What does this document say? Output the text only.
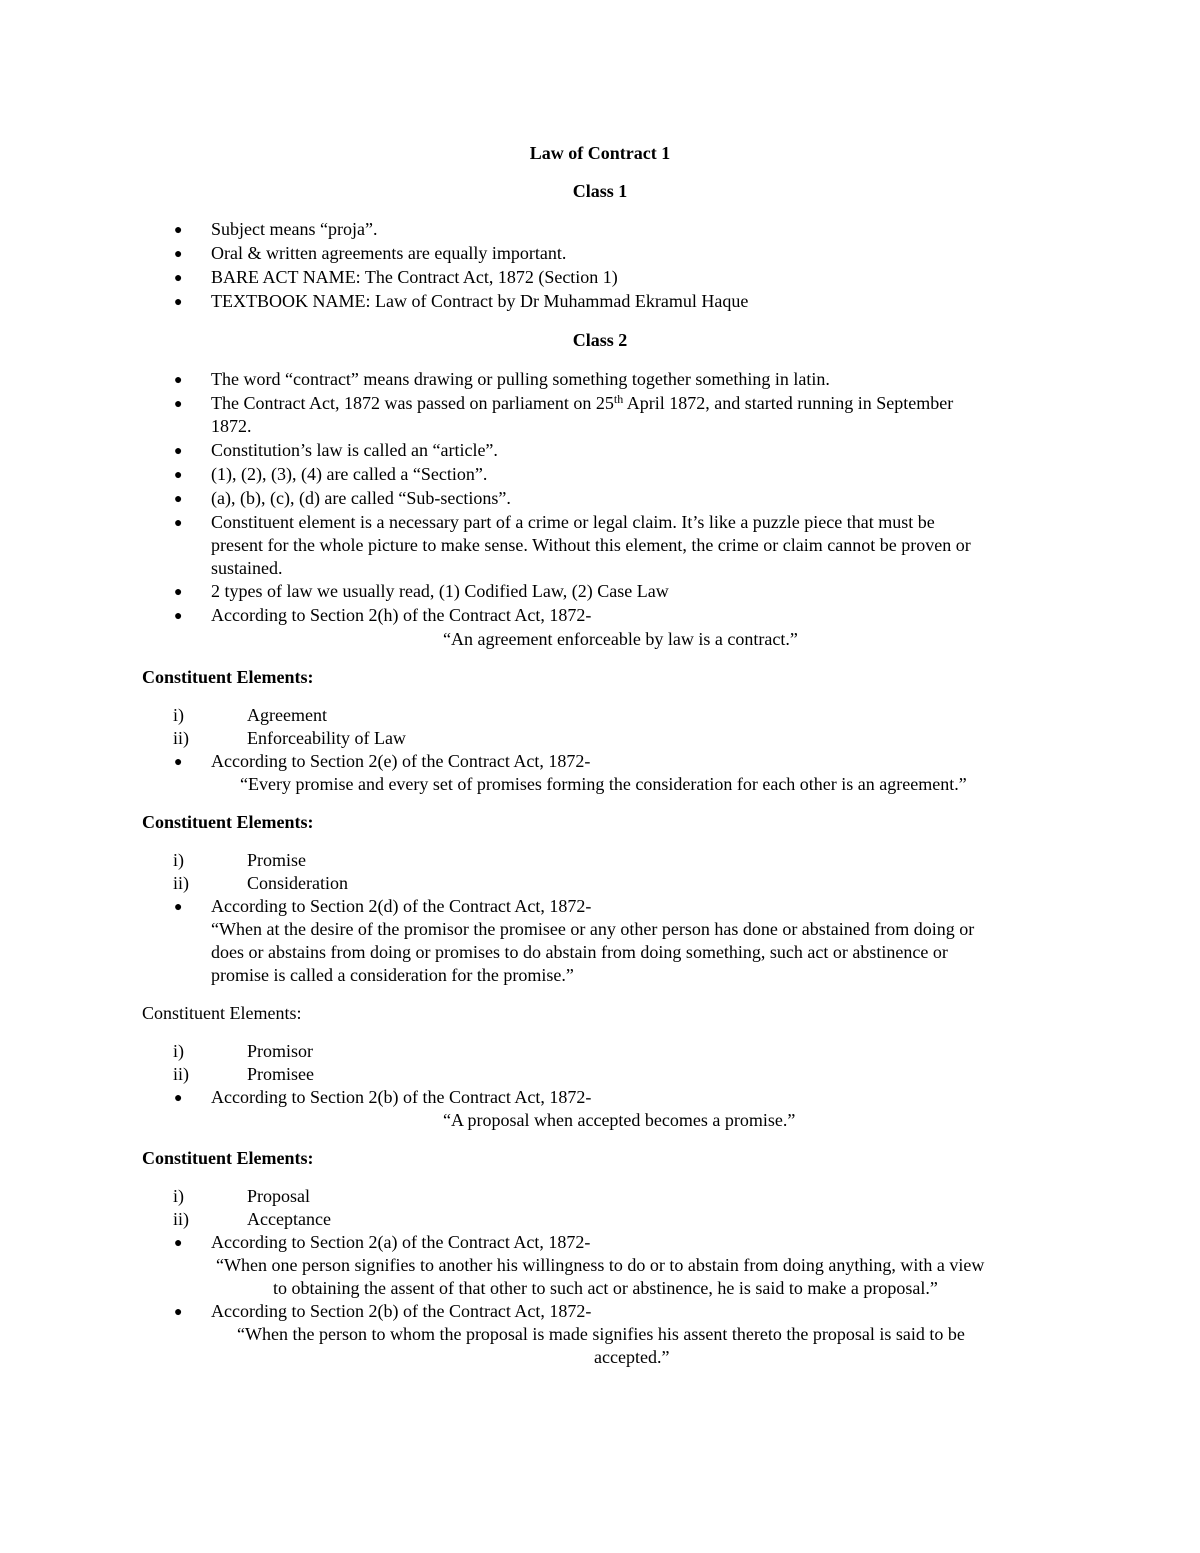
Law of Contract 1
Class 1
● Subject means “proja”.
● Oral & written agreements are equally important.
● BARE ACT NAME: The Contract Act, 1872 (Section 1)
● TEXTBOOK NAME: Law of Contract by Dr Muhammad Ekramul Haque
Class 2
● The word “contract” means drawing or pulling something together something in latin.
● The Contract Act, 1872 was passed on parliament on 25th April 1872, and started running in September
1872.
● Constitution’s law is called an “article”.
● (1), (2), (3), (4) are called a “Section”.
● (a), (b), (c), (d) are called “Sub-sections”.
● Constituent element is a necessary part of a crime or legal claim. It’s like a puzzle piece that must be
present for the whole picture to make sense. Without this element, the crime or claim cannot be proven or
sustained.
● 2 types of law we usually read, (1) Codified Law, (2) Case Law
● According to Section 2(h) of the Contract Act, 1872-
“An agreement enforceable by law is a contract.”
Constituent Elements:
i)	Agreement
ii)	Enforceability of Law
● According to Section 2(e) of the Contract Act, 1872-
“Every promise and every set of promises forming the consideration for each other is an agreement.”
Constituent Elements:
i)	Promise
ii)	Consideration
● According to Section 2(d) of the Contract Act, 1872-
“When at the desire of the promisor the promisee or any other person has done or abstained from doing or
does or abstains from doing or promises to do abstain from doing something, such act or abstinence or
promise is called a consideration for the promise.”
Constituent Elements:
i)	Promisor
ii)	Promisee
● According to Section 2(b) of the Contract Act, 1872-
“A proposal when accepted becomes a promise.”
Constituent Elements:
i)	Proposal
ii)	Acceptance
● According to Section 2(a) of the Contract Act, 1872-
“When one person signifies to another his willingness to do or to abstain from doing anything, with a view
to obtaining the assent of that other to such act or abstinence, he is said to make a proposal.”
● According to Section 2(b) of the Contract Act, 1872-
“When the person to whom the proposal is made signifies his assent thereto the proposal is said to be
accepted.”
